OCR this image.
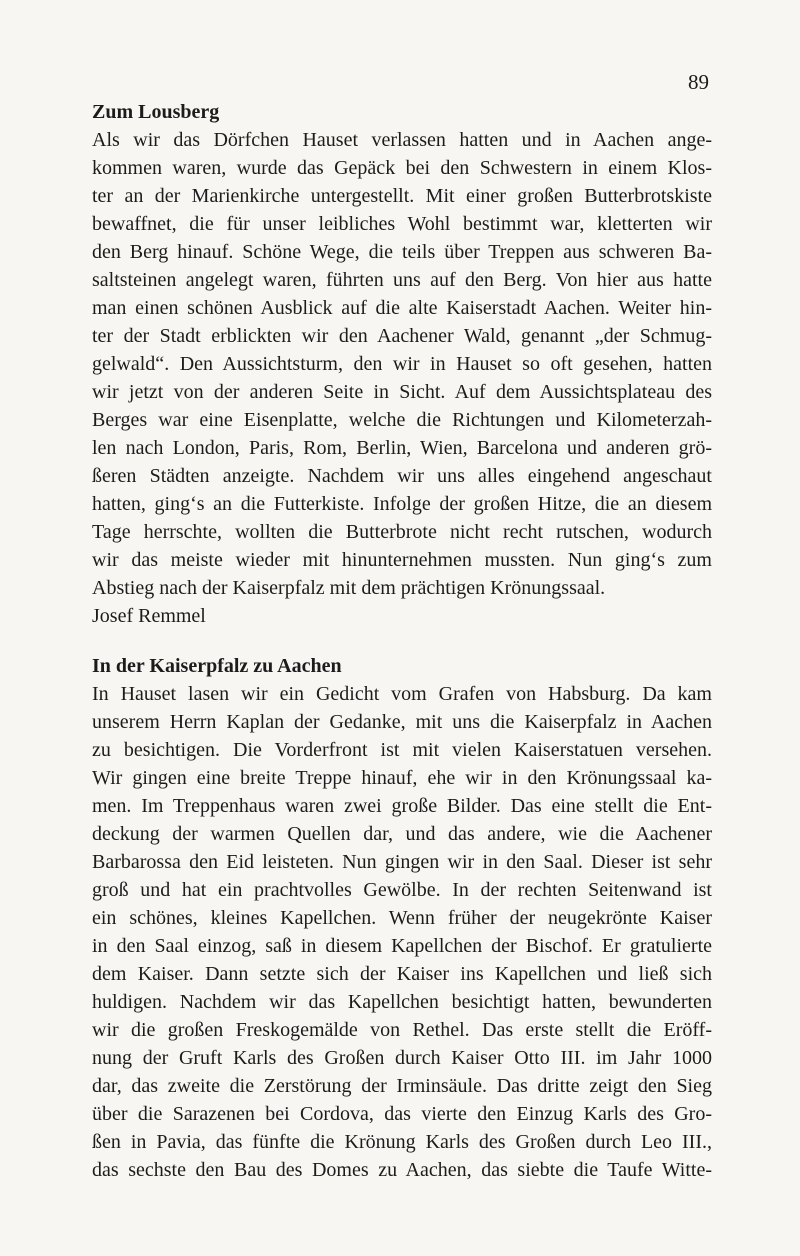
89
Zum Lousberg
Als wir das Dörfchen Hauset verlassen hatten und in Aachen ange-
kommen waren, wurde das Gepäck bei den Schwestern in einem Klos-
ter an der Marienkirche untergestellt. Mit einer großen Butterbrotskiste
bewaffnet, die für unser leibliches Wohl bestimmt war, kletterten wir
den Berg hinauf. Schöne Wege, die teils über Treppen aus schweren Ba-
saltsteinen angelegt waren, führten uns auf den Berg. Von hier aus hatte
man einen schönen Ausblick auf die alte Kaiserstadt Aachen. Weiter hin-
ter der Stadt erblickten wir den Aachener Wald, genannt „der Schmug-
gelwald“. Den Aussichtsturm, den wir in Hauset so oft gesehen, hatten
wir jetzt von der anderen Seite in Sicht. Auf dem Aussichtsplateau des
Berges war eine Eisenplatte, welche die Richtungen und Kilometerzah-
len nach London, Paris, Rom, Berlin, Wien, Barcelona und anderen grö-
ßeren Städten anzeigte. Nachdem wir uns alles eingehend angeschaut
hatten, ging‘s an die Futterkiste. Infolge der großen Hitze, die an diesem
Tage herrschte, wollten die Butterbrote nicht recht rutschen, wodurch
wir das meiste wieder mit hinunternehmen mussten. Nun ging‘s zum
Abstieg nach der Kaiserpfalz mit dem prächtigen Krönungssaal.
Josef Remmel
In der Kaiserpfalz zu Aachen
In Hauset lasen wir ein Gedicht vom Grafen von Habsburg. Da kam
unserem Herrn Kaplan der Gedanke, mit uns die Kaiserpfalz in Aachen
zu besichtigen. Die Vorderfront ist mit vielen Kaiserstatuen versehen.
Wir gingen eine breite Treppe hinauf, ehe wir in den Krönungssaal ka-
men. Im Treppenhaus waren zwei große Bilder. Das eine stellt die Ent-
deckung der warmen Quellen dar, und das andere, wie die Aachener
Barbarossa den Eid leisteten. Nun gingen wir in den Saal. Dieser ist sehr
groß und hat ein prachtvolles Gewölbe. In der rechten Seitenwand ist
ein schönes, kleines Kapellchen. Wenn früher der neugekrönte Kaiser
in den Saal einzog, saß in diesem Kapellchen der Bischof. Er gratulierte
dem Kaiser. Dann setzte sich der Kaiser ins Kapellchen und ließ sich
huldigen. Nachdem wir das Kapellchen besichtigt hatten, bewunderten
wir die großen Freskogemälde von Rethel. Das erste stellt die Eröff-
nung der Gruft Karls des Großen durch Kaiser Otto III. im Jahr 1000
dar, das zweite die Zerstörung der Irminsäule. Das dritte zeigt den Sieg
über die Sarazenen bei Cordova, das vierte den Einzug Karls des Gro-
ßen in Pavia, das fünfte die Krönung Karls des Großen durch Leo III.,
das sechste den Bau des Domes zu Aachen, das siebte die Taufe Witte-
